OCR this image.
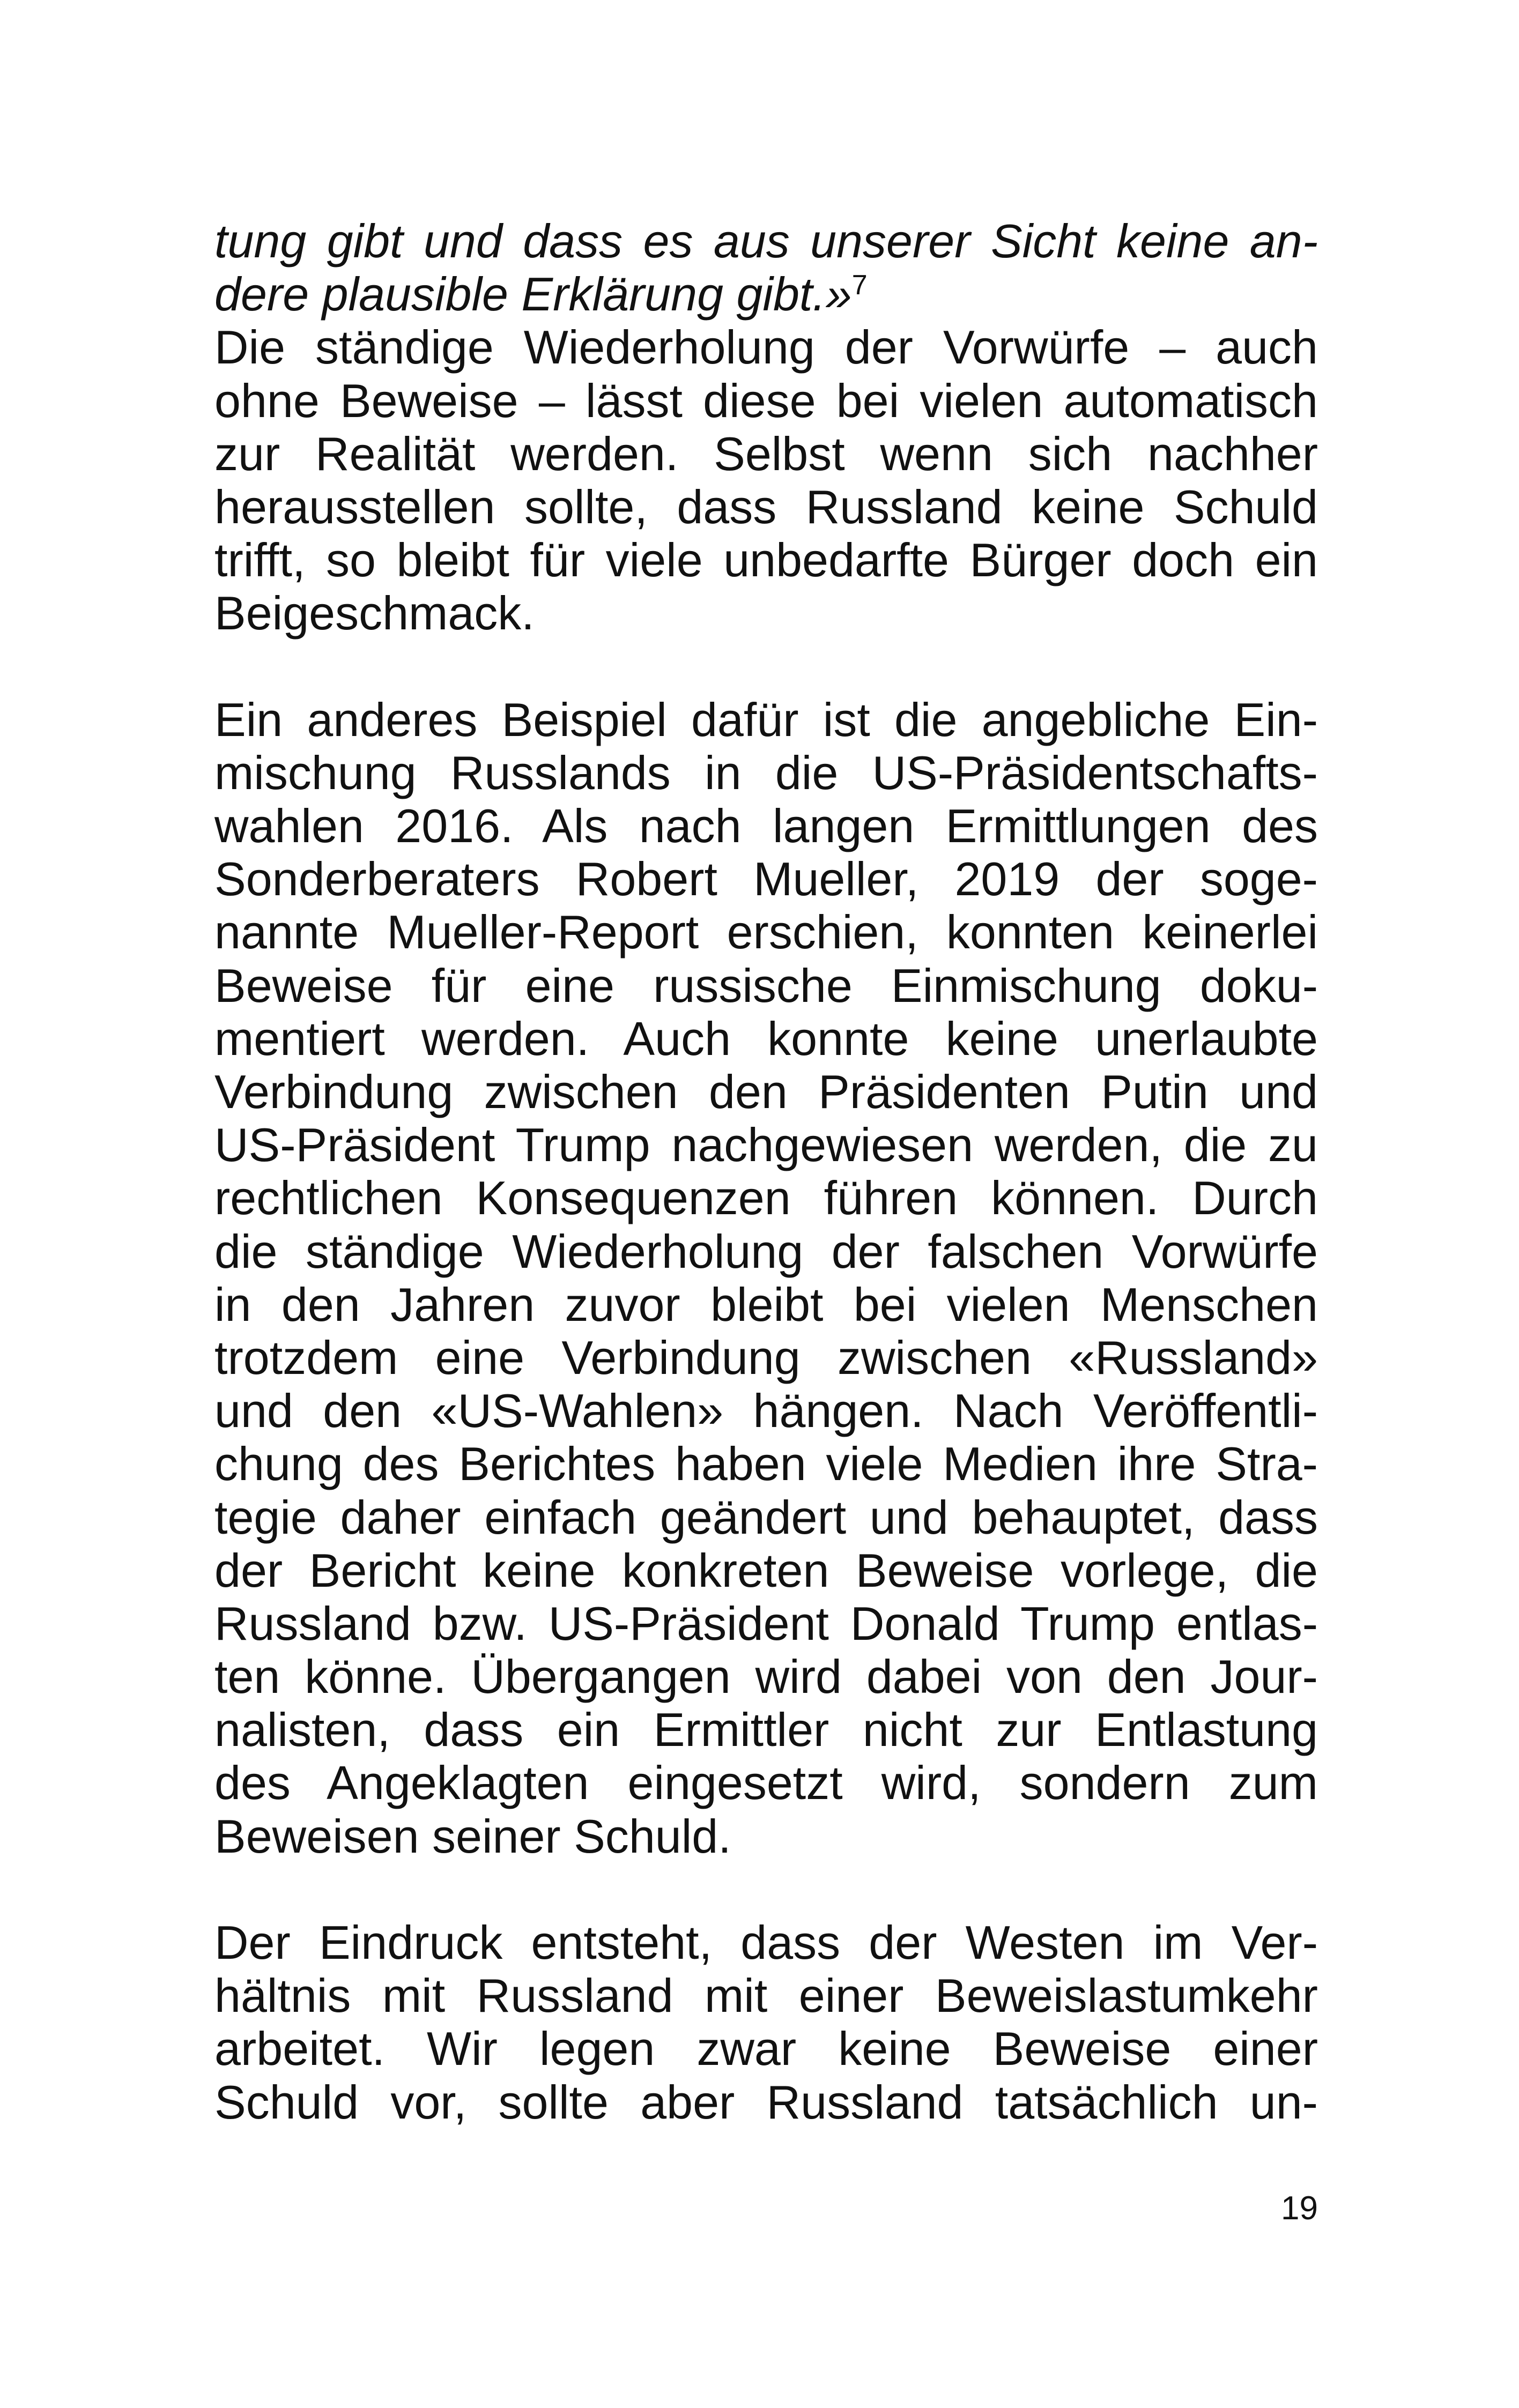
tung gibt und dass es aus unserer Sicht keine an-
dere plausible Erklärung gibt.»$^7$
Die ständige Wiederholung der Vorwürfe – auch
ohne Beweise – lässt diese bei vielen automatisch
zur Realität werden. Selbst wenn sich nachher
herausstellen sollte, dass Russland keine Schuld
trifft, so bleibt für viele unbedarfte Bürger doch ein
Beigeschmack.
Ein anderes Beispiel dafür ist die angebliche Ein-
mischung Russlands in die US-Präsidentschafts-
wahlen 2016. Als nach langen Ermittlungen des
Sonderberaters Robert Mueller, 2019 der soge-
nannte Mueller-Report erschien, konnten keinerlei
Beweise für eine russische Einmischung doku-
mentiert werden. Auch konnte keine unerlaubte
Verbindung zwischen den Präsidenten Putin und
US-Präsident Trump nachgewiesen werden, die zu
rechtlichen Konsequenzen führen können. Durch
die ständige Wiederholung der falschen Vorwürfe
in den Jahren zuvor bleibt bei vielen Menschen
trotzdem eine Verbindung zwischen «Russland»
und den «US-Wahlen» hängen. Nach Veröffentli-
chung des Berichtes haben viele Medien ihre Stra-
tegie daher einfach geändert und behauptet, dass
der Bericht keine konkreten Beweise vorlege, die
Russland bzw. US-Präsident Donald Trump entlas-
ten könne. Übergangen wird dabei von den Jour-
nalisten, dass ein Ermittler nicht zur Entlastung
des Angeklagten eingesetzt wird, sondern zum
Beweisen seiner Schuld.
Der Eindruck entsteht, dass der Westen im Ver-
hältnis mit Russland mit einer Beweislastumkehr
arbeitet. Wir legen zwar keine Beweise einer
Schuld vor, sollte aber Russland tatsächlich un-
19
